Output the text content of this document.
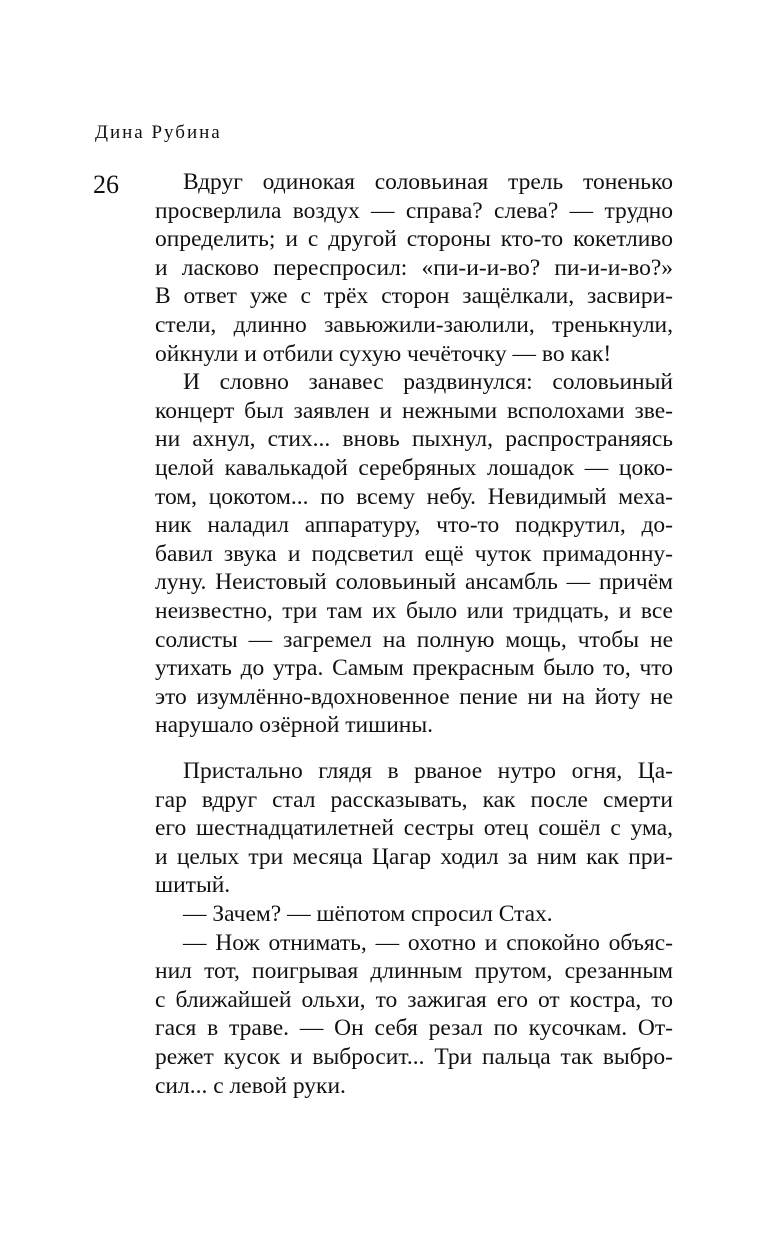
Дина Рубина
26	Вдруг одинокая соловьиная трель тоненько
просверлила воздух — справа? слева? — трудно
определить; и с другой стороны кто-то кокетливо
и ласково переспросил: «пи-и-и-во? пи-и-и-во?»
В ответ уже с трёх сторон защёлкали, засвири-
стели, длинно завьюжили-заюлили, тренькнули,
ойкнули и отбили сухую чечёточку — во как!
И словно занавес раздвинулся: соловьиный
концерт был заявлен и нежными всполохами зве-
ни ахнул, стих... вновь пыхнул, распространяясь
целой кавалькадой серебряных лошадок — цоко-
том, цокотом... по всему небу. Невидимый меха-
ник наладил аппаратуру, что-то подкрутил, до-
бавил звука и подсветил ещё чуток примадонну-
луну. Неистовый соловьиный ансамбль — причём
неизвестно, три там их было или тридцать, и все
солисты — загремел на полную мощь, чтобы не
утихать до утра. Самым прекрасным было то, что
это изумлённо-вдохновенное пение ни на йоту не
нарушало озёрной тишины.
Пристально глядя в рваное нутро огня, Ца-
гар вдруг стал рассказывать, как после смерти
его шестнадцатилетней сестры отец сошёл с ума,
и целых три месяца Цагар ходил за ним как при-
шитый.
— Зачем? — шёпотом спросил Стах.
— Нож отнимать, — охотно и спокойно объяс-
нил тот, поигрывая длинным прутом, срезанным
с ближайшей ольхи, то зажигая его от костра, то
гася в траве. — Он себя резал по кусочкам. От-
режет кусок и выбросит... Три пальца так выбро-
сил... с левой руки.
